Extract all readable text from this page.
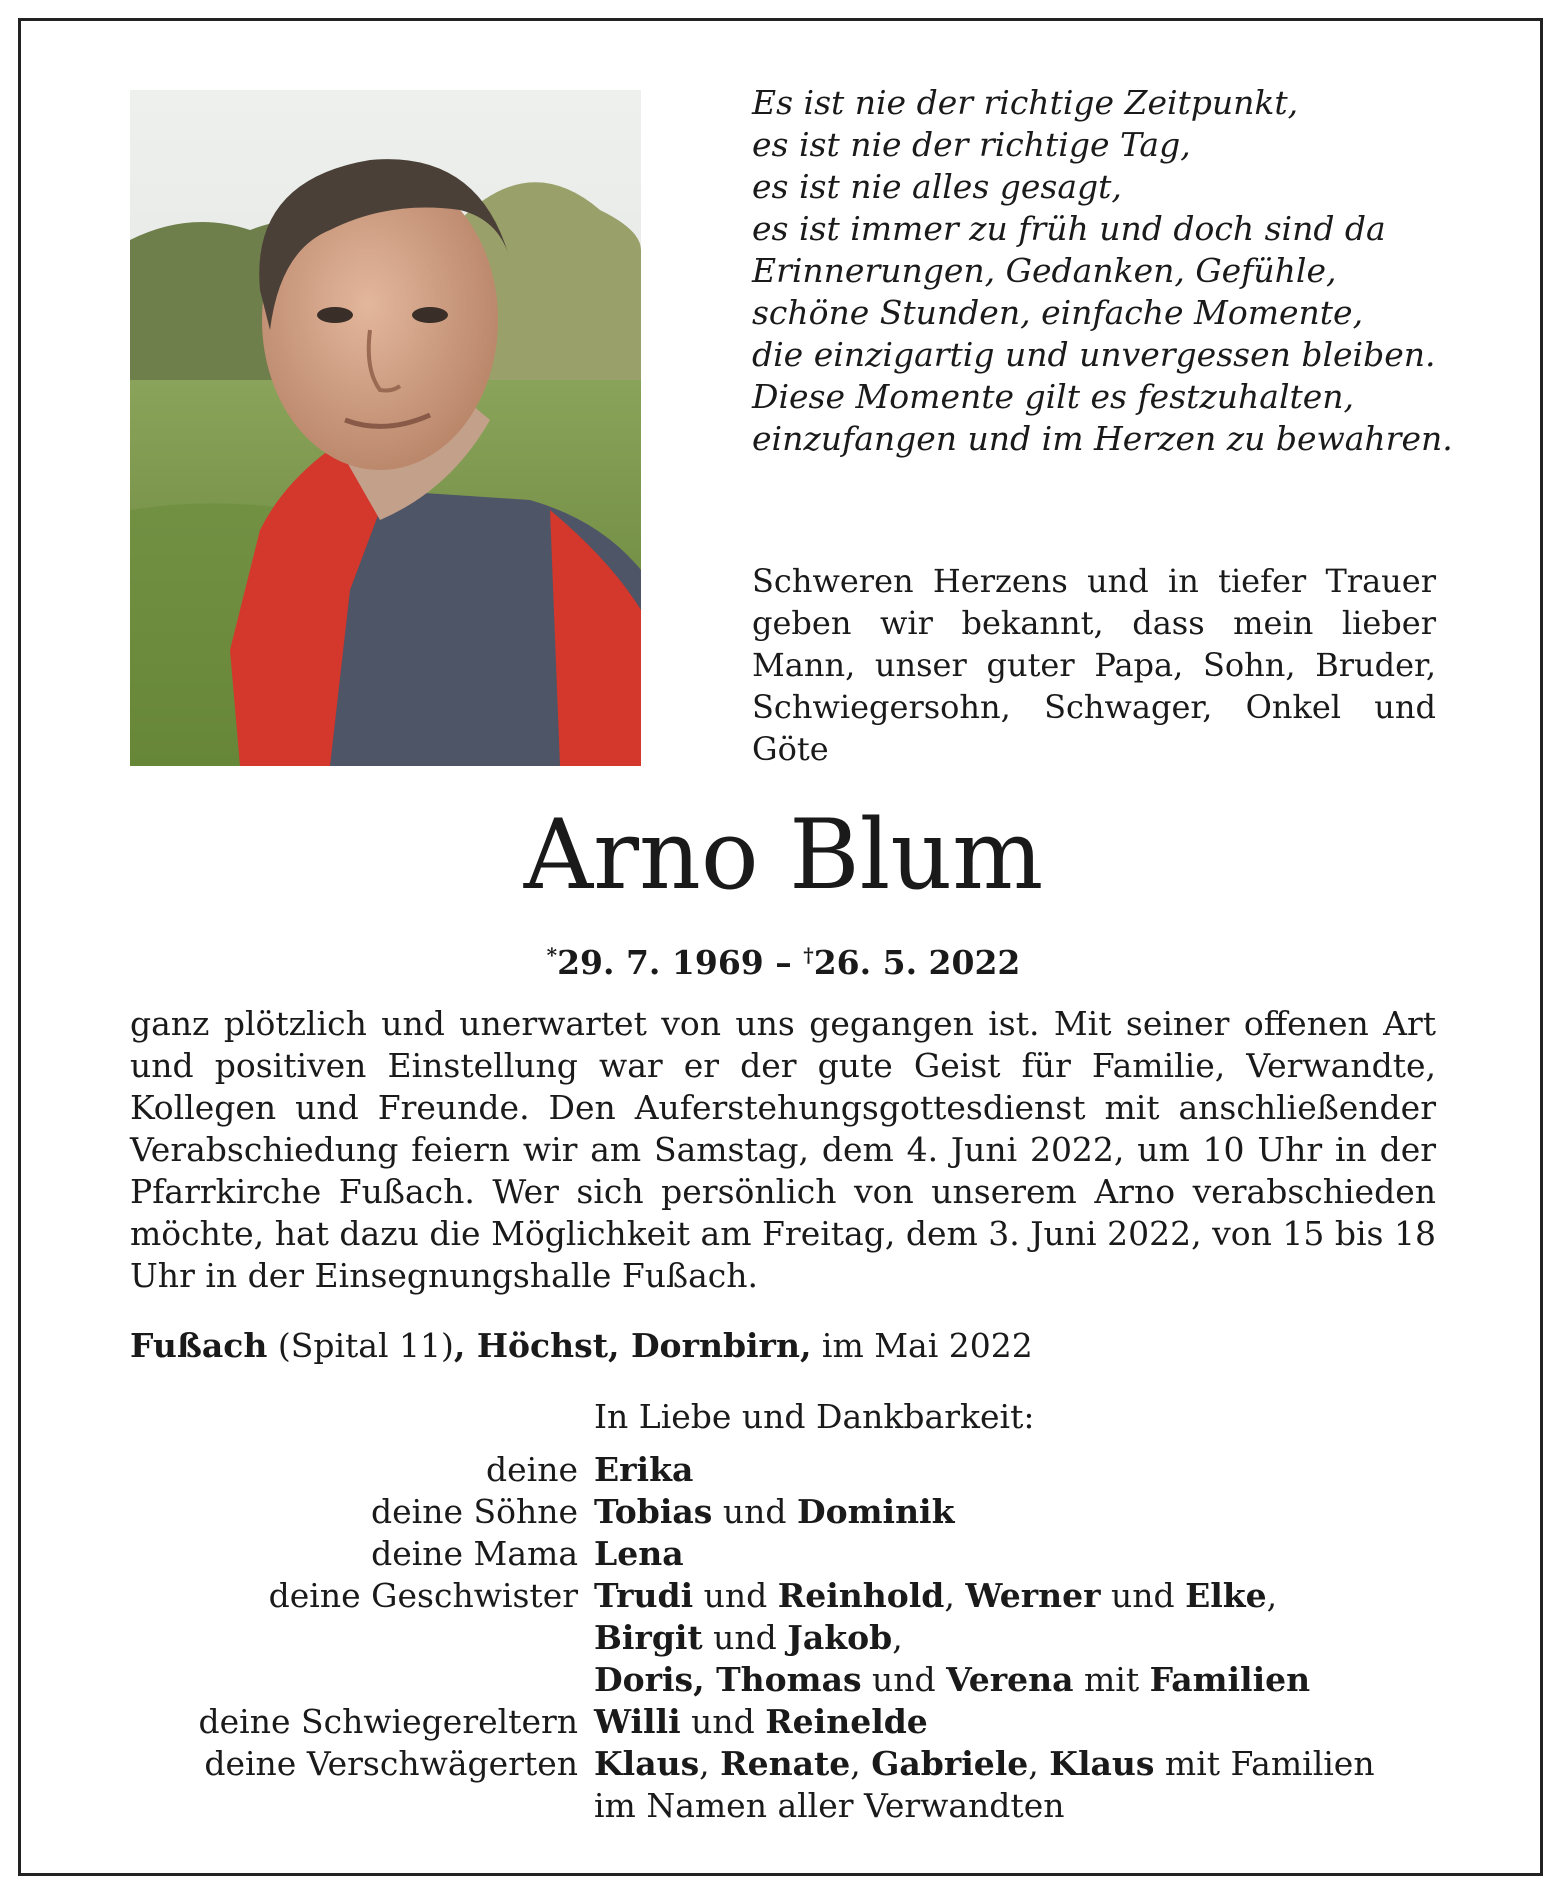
Es ist nie der richtige Zeitpunkt,
es ist nie der richtige Tag,
es ist nie alles gesagt,
es ist immer zu früh und doch sind da
Erinnerungen, Gedanken, Gefühle,
schöne Stunden, einfache Momente,
die einzigartig und unvergessen bleiben.
Diese Momente gilt es festzuhalten,
einzufangen und im Herzen zu bewahren.
Schweren Herzens und in tiefer Trauer geben wir bekannt, dass mein lieber Mann, unser guter Papa, Sohn, Bruder, Schwiegersohn, Schwager, Onkel und Göte
Arno Blum
*29. 7. 1969 – †26. 5. 2022
ganz plötzlich und unerwartet von uns gegangen ist. Mit seiner offenen Art und positiven Einstellung war er der gute Geist für Familie, Verwandte, Kollegen und Freunde. Den Auferstehungsgottesdienst mit anschließender Verabschiedung feiern wir am Samstag, dem 4. Juni 2022, um 10 Uhr in der Pfarrkirche Fußach. Wer sich persönlich von unserem Arno verabschieden möchte, hat dazu die Möglichkeit am Freitag, dem 3. Juni 2022, von 15 bis 18 Uhr in der Einsegnungshalle Fußach.
Fußach (Spital 11), Höchst, Dornbirn, im Mai 2022
In Liebe und Dankbarkeit:
deine Erika
deine Söhne Tobias und Dominik
deine Mama Lena
deine Geschwister Trudi und Reinhold, Werner und Elke,
Birgit und Jakob,
Doris, Thomas und Verena mit Familien
deine Schwiegereltern Willi und Reinelde
deine Verschwägerten Klaus, Renate, Gabriele, Klaus mit Familien
im Namen aller Verwandten
